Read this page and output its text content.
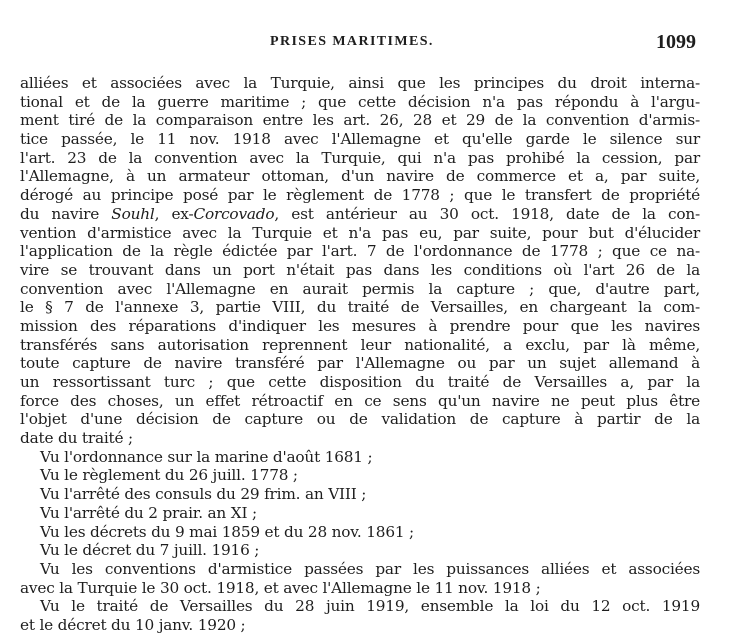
PRISES MARITIMES.	1099
alliées et associées avec la Turquie, ainsi que les principes du droit interna-
tional et de la guerre maritime ; que cette décision n'a pas répondu à l'argu-
ment tiré de la comparaison entre les art. 26, 28 et 29 de la convention d'armis-
tice passée, le 11 nov. 1918 avec l'Allemagne et qu'elle garde le silence sur
l'art. 23 de la convention avec la Turquie, qui n'a pas prohibé la cession, par
l'Allemagne, à un armateur ottoman, d'un navire de commerce et a, par suite,
dérogé au principe posé par le règlement de 1778 ; que le transfert de propriété
du navire Souhl, ex-Corcovado, est antérieur au 30 oct. 1918, date de la con-
vention d'armistice avec la Turquie et n'a pas eu, par suite, pour but d'élucider
l'application de la règle édictée par l'art. 7 de l'ordonnance de 1778 ; que ce na-
vire se trouvant dans un port n'était pas dans les conditions où l'art 26 de la
convention avec l'Allemagne en aurait permis la capture ; que, d'autre part,
le § 7 de l'annexe 3, partie VIII, du traité de Versailles, en chargeant la com-
mission des réparations d'indiquer les mesures à prendre pour que les navires
transférés sans autorisation reprennent leur nationalité, a exclu, par là même,
toute capture de navire transféré par l'Allemagne ou par un sujet allemand à
un ressortissant turc ; que cette disposition du traité de Versailles a, par la
force des choses, un effet rétroactif en ce sens qu'un navire ne peut plus être
l'objet d'une décision de capture ou de validation de capture à partir de la
date du traité ;
Vu l'ordonnance sur la marine d'août 1681 ;
Vu le règlement du 26 juill. 1778 ;
Vu l'arrêté des consuls du 29 frim. an VIII ;
Vu l'arrêté du 2 prair. an XI ;
Vu les décrets du 9 mai 1859 et du 28 nov. 1861 ;
Vu le décret du 7 juill. 1916 ;
Vu les conventions d'armistice passées par les puissances alliées et associées
avec la Turquie le 30 oct. 1918, et avec l'Allemagne le 11 nov. 1918 ;
Vu le traité de Versailles du 28 juin 1919, ensemble la loi du 12 oct. 1919
et le décret du 10 janv. 1920 ;
